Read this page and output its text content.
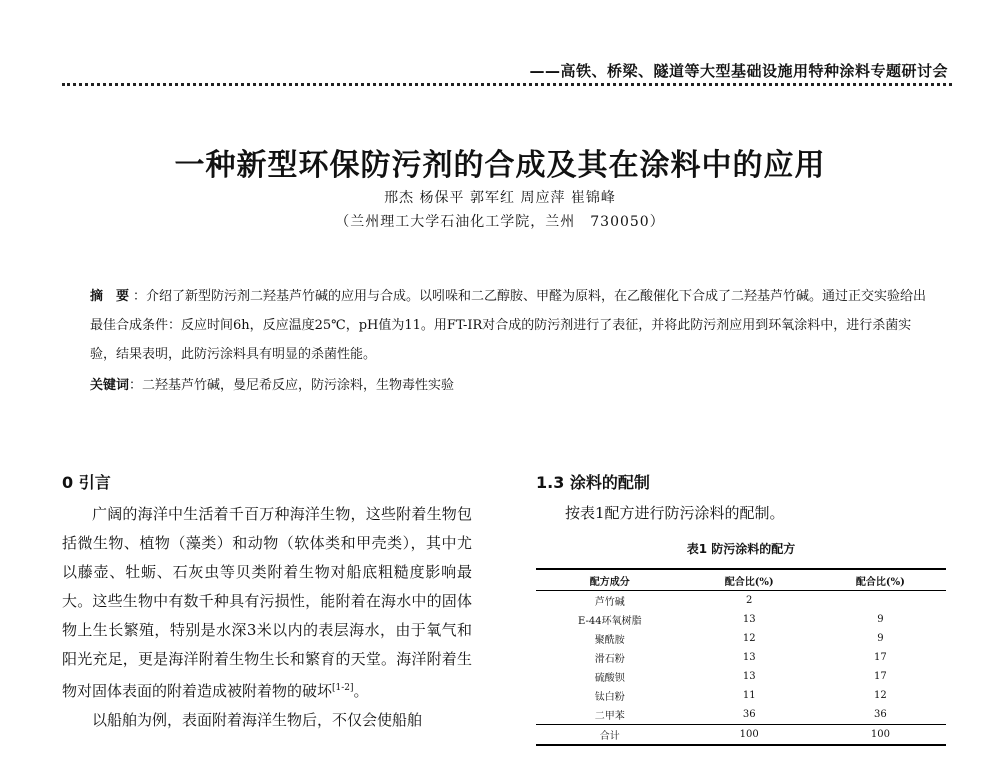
——高铁、桥梁、隧道等大型基础设施用特种涂料专题研讨会
一种新型环保防污剂的合成及其在涂料中的应用
邢杰 杨保平 郭军红 周应萍 崔锦峰
（兰州理工大学石油化工学院，兰州　730050）
摘　要 ：介绍了新型防污剂二羟基芦竹碱的应用与合成。以吲哚和二乙醇胺、甲醛为原料，在乙酸催化下合成了二羟基芦竹碱。通过正交实验给出最佳合成条件：反应时间6h，反应温度25℃，pH值为11。用FT-IR对合成的防污剂进行了表征，并将此防污剂应用到环氧涂料中，进行杀菌实验，结果表明，此防污涂料具有明显的杀菌性能。
关键词：二羟基芦竹碱，曼尼希反应，防污涂料，生物毒性实验
0 引言

广阔的海洋中生活着千百万种海洋生物，这些附着生物包括微生物、植物（藻类）和动物（软体类和甲壳类），其中尤以藤壶、牡蛎、石灰虫等贝类附着生物对船底粗糙度影响最大。这些生物中有数千种具有污损性，能附着在海水中的固体物上生长繁殖，特别是水深3米以内的表层海水，由于氧气和阳光充足，更是海洋附着生物生长和繁育的天堂。海洋附着生物对固体表面的附着造成被附着物的破坏[1-2]。

以船舶为例，表面附着海洋生物后，不仅会使船舶

1.3 涂料的配制
按表1配方进行防污涂料的配制。
表1 防污涂料的配方
配方成分	配合比(%)	配合比(%)
芦竹碱	2	
E-44环氧树脂	13	9
聚酰胺	12	9
滑石粉	13	17
硫酸钡	13	17
钛白粉	11	12
二甲苯	36	36
合计	100	100
